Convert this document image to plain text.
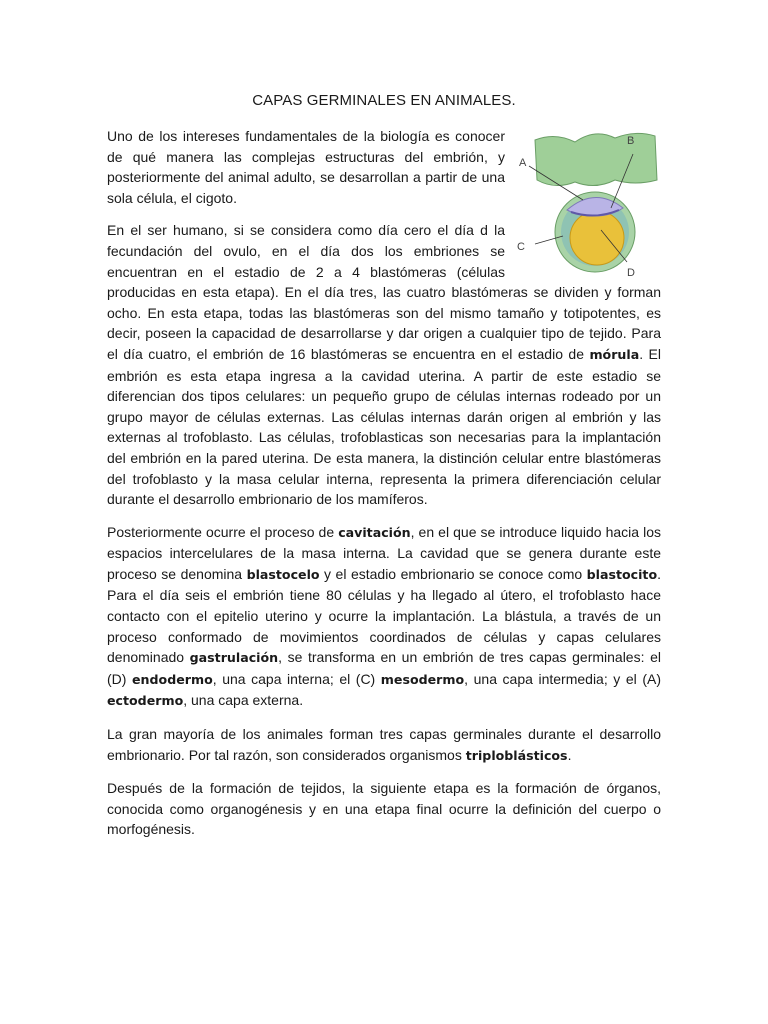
CAPAS GERMINALES EN ANIMALES.
A
B
C
D

Uno de los intereses fundamentales de la biología es conocer de qué manera las complejas estructuras del embrión, y posteriormente del animal adulto, se desarrollan a partir de una sola célula, el cigoto.

En el ser humano, si se considera como día cero el día d la fecundación del ovulo, en el día dos los embriones se encuentran en el estadio de 2 a 4 blastómeras (células producidas en esta etapa). En el día tres, las cuatro blastómeras se dividen y forman ocho. En esta etapa, todas las blastómeras son del mismo tamaño y totipotentes, es decir, poseen la capacidad de desarrollarse y dar origen a cualquier tipo de tejido. Para el día cuatro, el embrión de 16 blastómeras se encuentra en el estadio de mórula. El embrión es esta etapa ingresa a la cavidad uterina. A partir de este estadio se diferencian dos tipos celulares: un pequeño grupo de células internas rodeado por un grupo mayor de células externas. Las células internas darán origen al embrión y las externas al trofoblasto. Las células, trofoblasticas son necesarias para la implantación del embrión en la pared uterina. De esta manera, la distinción celular entre blastómeras del trofoblasto y la masa celular interna, representa la primera diferenciación celular durante el desarrollo embrionario de los mamíferos.

Posteriormente ocurre el proceso de cavitación, en el que se introduce liquido hacia los espacios intercelulares de la masa interna. La cavidad que se genera durante este proceso se denomina blastocelo y el estadio embrionario se conoce como blastocito. Para el día seis el embrión tiene 80 células y ha llegado al útero, el trofoblasto hace contacto con el epitelio uterino y ocurre la implantación. La blástula, a través de un proceso conformado de movimientos coordinados de células y capas celulares denominado gastrulación, se transforma en un embrión de tres capas germinales: el (D) endodermo, una capa interna; el (C) mesodermo, una capa intermedia; y el (A) ectodermo, una capa externa.

La gran mayoría de los animales forman tres capas germinales durante el desarrollo embrionario. Por tal razón, son considerados organismos triploblásticos.

Después de la formación de tejidos, la siguiente etapa es la formación de órganos, conocida como organogénesis y en una etapa final ocurre la definición del cuerpo o morfogénesis.
